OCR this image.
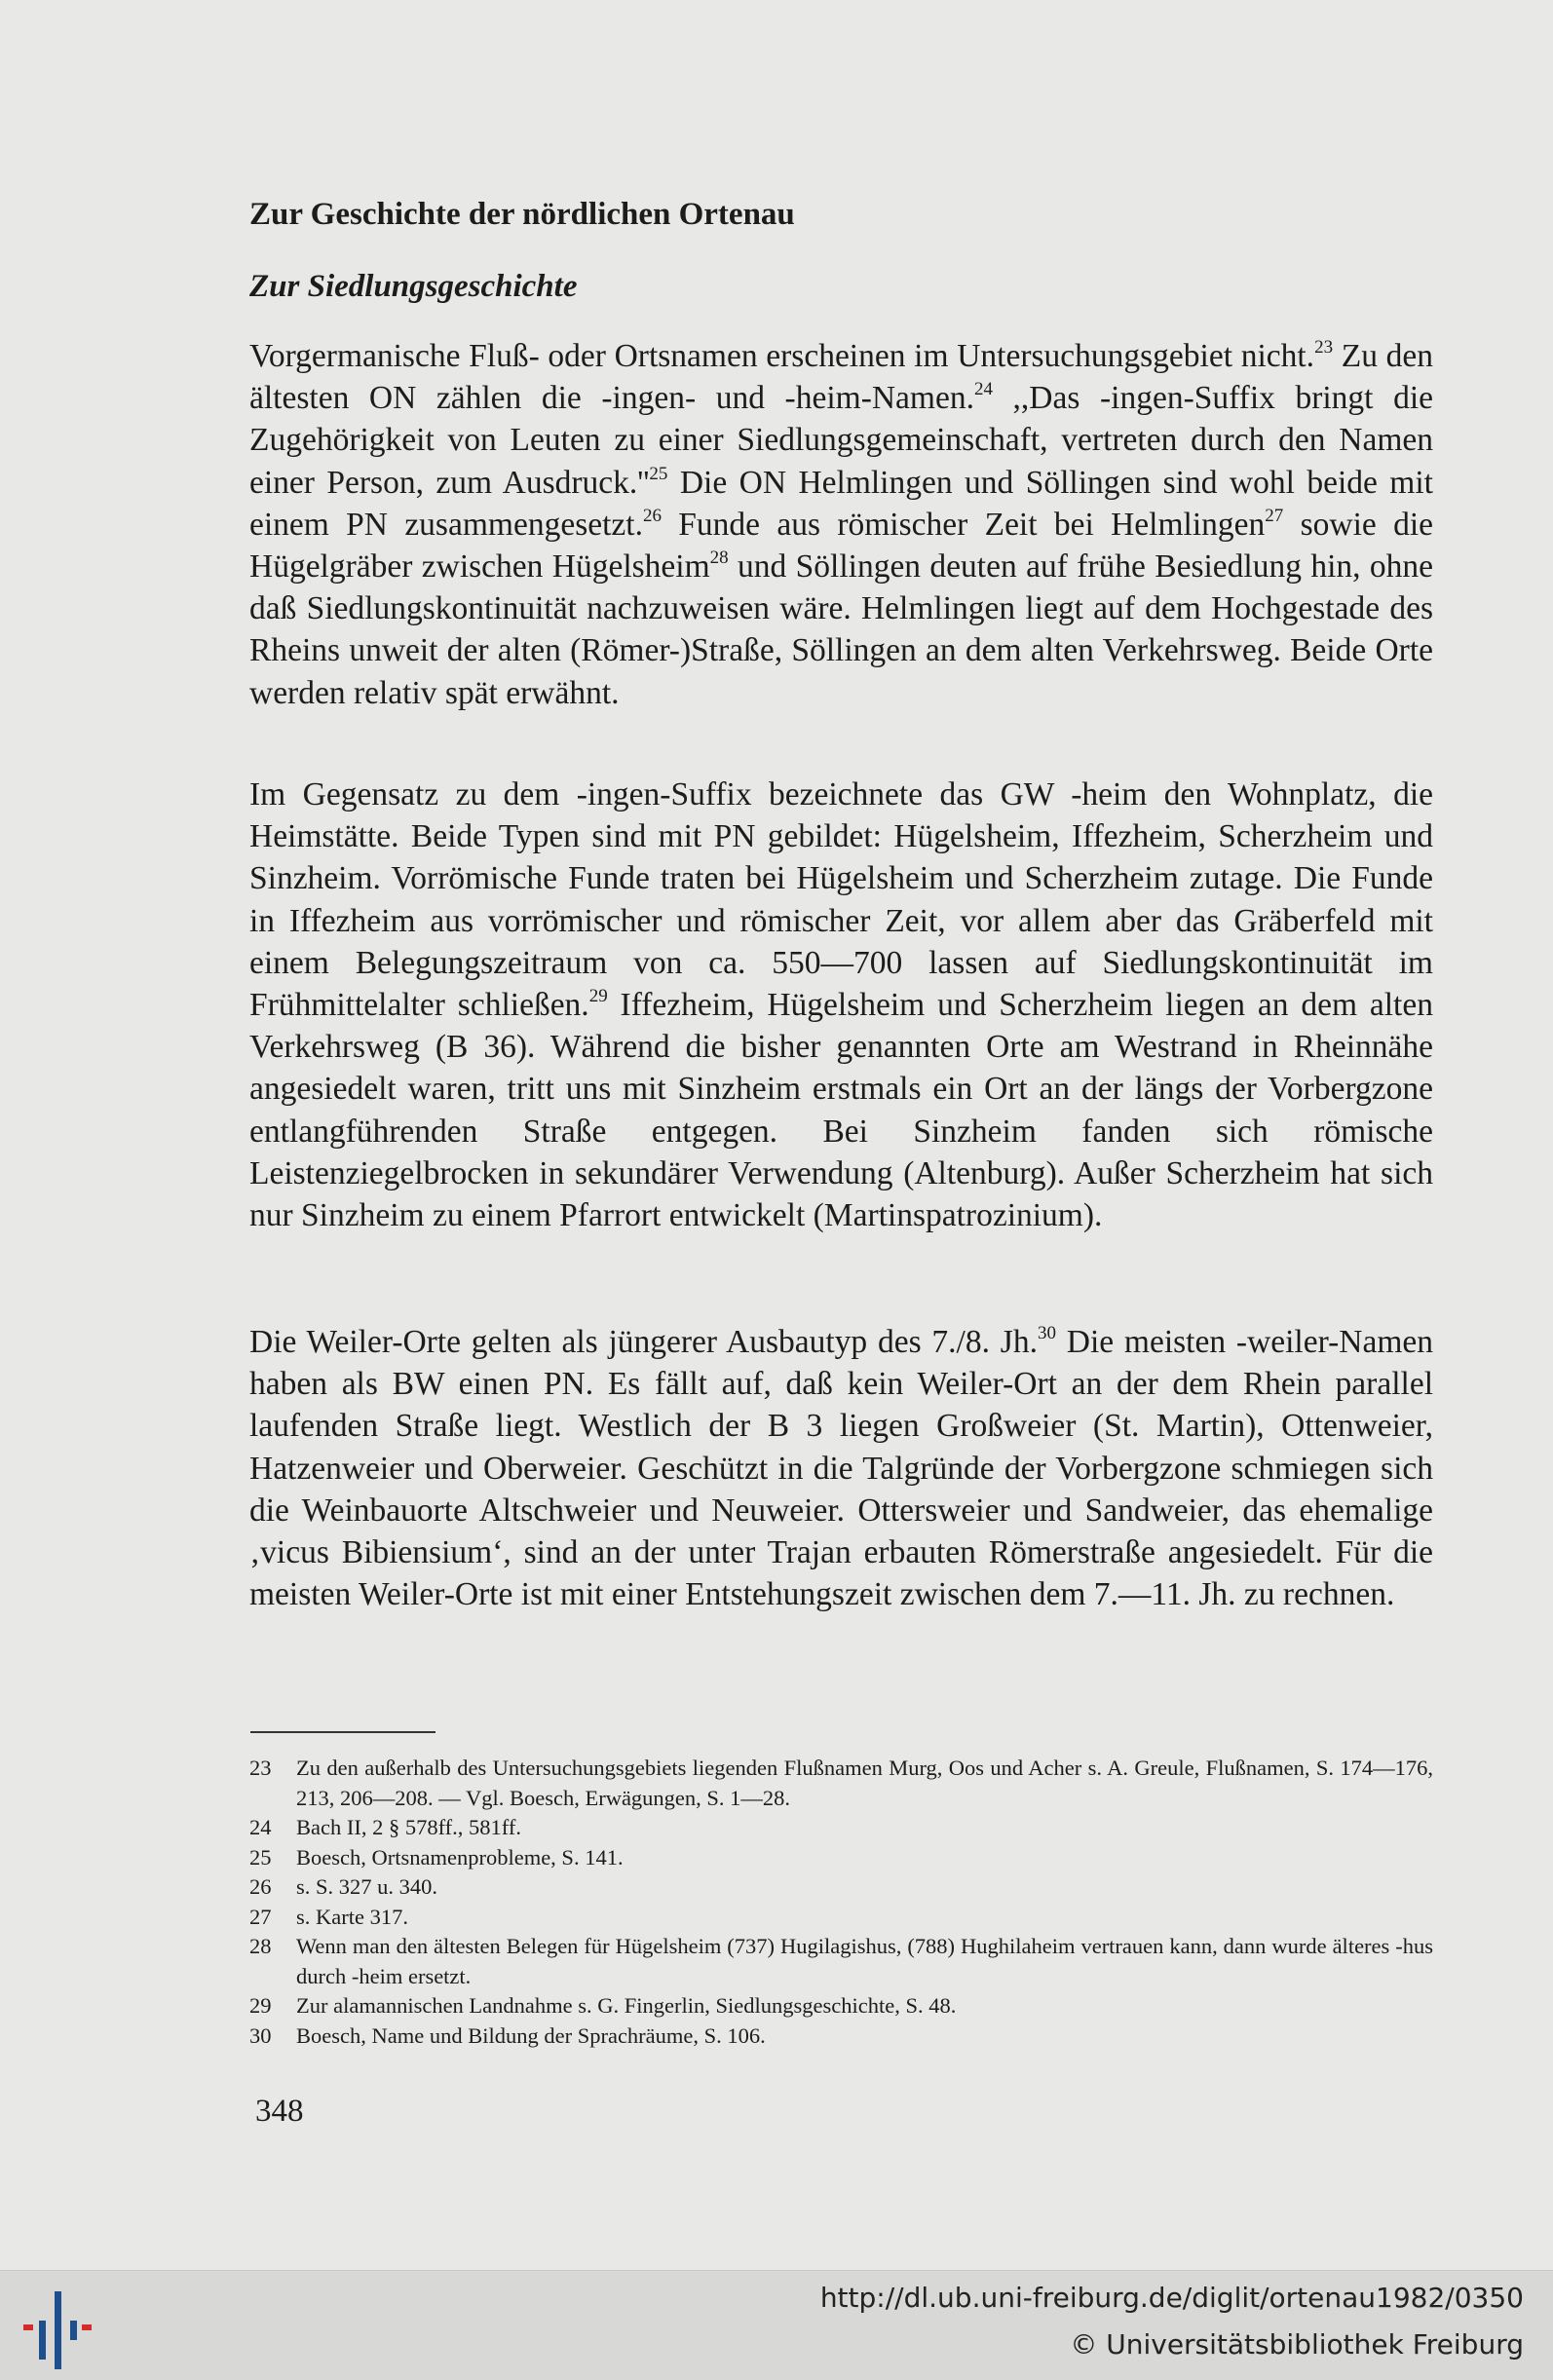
Zur Geschichte der nördlichen Ortenau
Zur Siedlungsgeschichte

Vorgermanische Fluß- oder Ortsnamen erscheinen im Untersuchungsgebiet nicht.$^{23}$ Zu den ältesten ON zählen die -ingen- und -heim-Namen.$^{24}$ ,,Das -ingen-Suffix bringt die Zugehörigkeit von Leuten zu einer Siedlungsgemeinschaft, vertreten durch den Namen einer Person, zum $Ausdruck.''^{25}$ Die ON Helmlingen und Söllingen sind wohl beide mit einem PN zusammengesetzt.$^{26}$ Funde aus römischer Zeit bei Helmlingen$^{27}$ sowie die Hügelgräber zwischen Hügelsheim$^{28}$ und Söllingen deuten auf frühe Besiedlung hin, ohne daß Siedlungskontinuität nachzuweisen wäre. Helmlingen liegt auf dem Hochgestade des Rheins unweit der alten (Römer-)Straße, Söllingen an dem alten Verkehrsweg. Beide Orte werden relativ spät erwähnt.

Im Gegensatz zu dem -ingen-Suffix bezeichnete das GW -heim den Wohnplatz, die Heimstätte. Beide Typen sind mit PN gebildet: Hügelsheim, Iffezheim, Scherzheim und Sinzheim. Vorrömische Funde traten bei Hügelsheim und Scherzheim zutage. Die Funde in Iffezheim aus vorrömischer und römischer Zeit, vor allem aber das Gräberfeld mit einem Belegungszeitraum von ca. 550—700 lassen auf Siedlungskontinuität im Frühmittelalter schließen.$^{29}$ Iffezheim, Hügelsheim und Scherzheim liegen an dem alten Verkehrsweg (B 36). Während die bisher genannten Orte am Westrand in Rheinnähe angesiedelt waren, tritt uns mit Sinzheim erstmals ein Ort an der längs der Vorbergzone entlangführenden Straße entgegen. Bei Sinzheim fanden sich römische Leistenziegelbrocken in sekundärer Verwendung (Altenburg). Außer Scherzheim hat sich nur Sinzheim zu einem Pfarrort entwickelt (Martinspatrozinium).

Die Weiler-Orte gelten als jüngerer Ausbautyp des 7./8. Jh.$^{30}$ Die meisten -weiler-Namen haben als BW einen PN. Es fällt auf, daß kein Weiler-Ort an der dem Rhein parallel laufenden Straße liegt. Westlich der B 3 liegen Großweier (St. Martin), Ottenweier, Hatzenweier und Oberweier. Geschützt in die Talgründe der Vorbergzone schmiegen sich die Weinbauorte Altschweier und Neuweier. Ottersweier und Sandweier, das ehemalige ‚vicus Bibiensium‘, sind an der unter Trajan erbauten Römerstraße angesiedelt. Für die meisten Weiler-Orte ist mit einer Entstehungszeit zwischen dem 7.—11. Jh. zu rechnen.

23	Zu den außerhalb des Untersuchungsgebiets liegenden Flußnamen Murg, Oos und Acher s. A. Greule, Flußnamen, S. 174—176, 213, 206—208. — Vgl. Boesch, Erwägungen, S. 1—28.
24	Bach II, 2 § 578ff., 581ff.
25	Boesch, Ortsnamenprobleme, S. 141.
26	s. S. 327 u. 340.
27	s. Karte 317.
28	Wenn man den ältesten Belegen für Hügelsheim (737) Hugilagishus, (788) Hughilaheim vertrauen kann, dann wurde älteres -hus durch -heim ersetzt.
29	Zur alamannischen Landnahme s. G. Fingerlin, Siedlungsgeschichte, S. 48.
30	Boesch, Name und Bildung der Sprachräume, S. 106.
348
http://dl.ub.uni-freiburg.de/diglit/ortenau1982/0350
© Universitätsbibliothek Freiburg
